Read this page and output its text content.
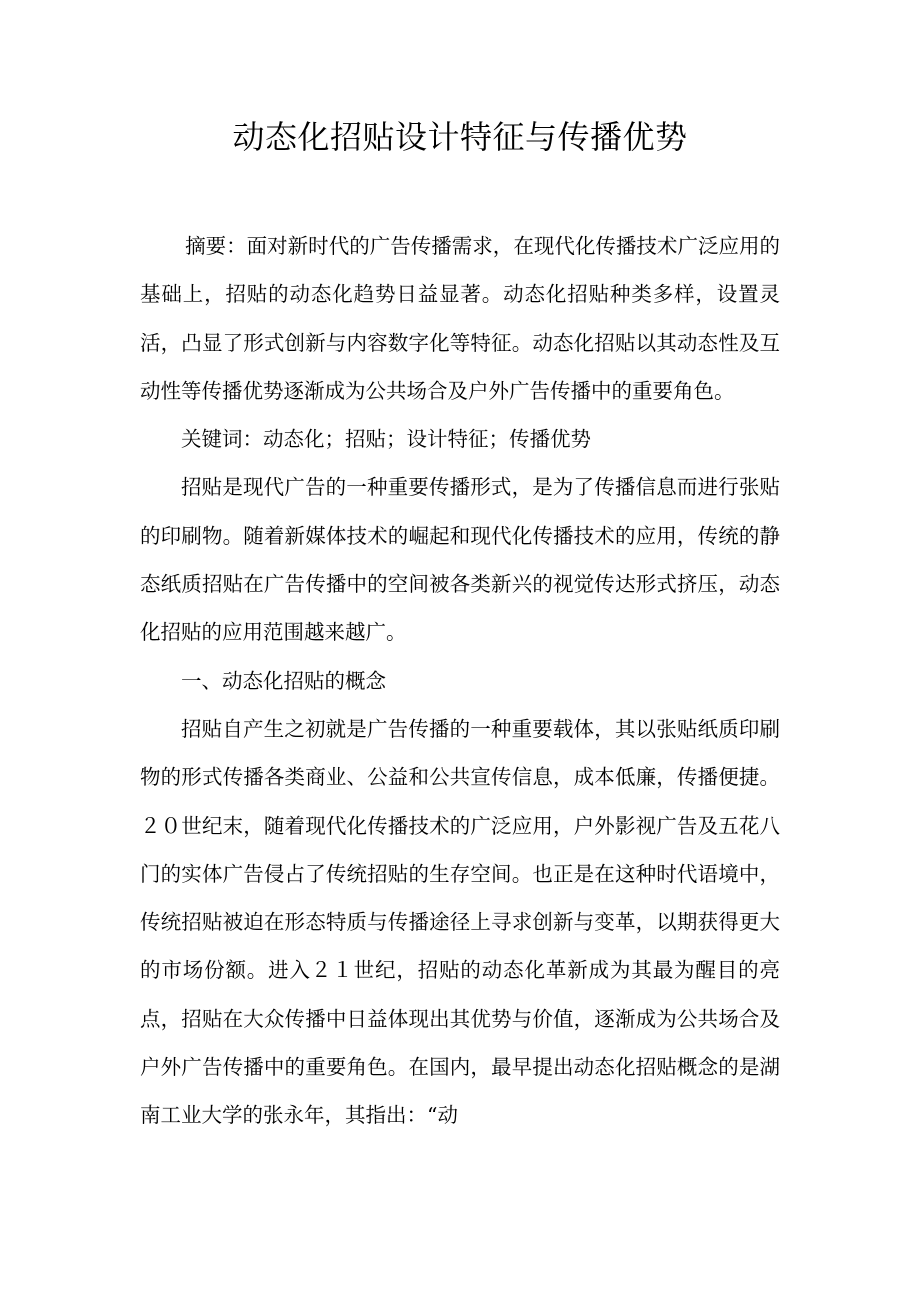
动态化招贴设计特征与传播优势

摘要：面对新时代的广告传播需求，在现代化传播技术广泛应用的基础上，招贴的动态化趋势日益显著。动态化招贴种类多样，设置灵活，凸显了形式创新与内容数字化等特征。动态化招贴以其动态性及互动性等传播优势逐渐成为公共场合及户外广告传播中的重要角色。

关键词：动态化；招贴；设计特征；传播优势

招贴是现代广告的一种重要传播形式，是为了传播信息而进行张贴的印刷物。随着新媒体技术的崛起和现代化传播技术的应用，传统的静态纸质招贴在广告传播中的空间被各类新兴的视觉传达形式挤压，动态化招贴的应用范围越来越广。

一、动态化招贴的概念

招贴自产生之初就是广告传播的一种重要载体，其以张贴纸质印刷物的形式传播各类商业、公益和公共宣传信息，成本低廉，传播便捷。２０世纪末，随着现代化传播技术的广泛应用，户外影视广告及五花八门的实体广告侵占了传统招贴的生存空间。也正是在这种时代语境中，传统招贴被迫在形态特质与传播途径上寻求创新与变革，以期获得更大的市场份额。进入２１世纪，招贴的动态化革新成为其最为醒目的亮点，招贴在大众传播中日益体现出其优势与价值，逐渐成为公共场合及户外广告传播中的重要角色。在国内，最早提出动态化招贴概念的是湖南工业大学的张永年，其指出：“动
